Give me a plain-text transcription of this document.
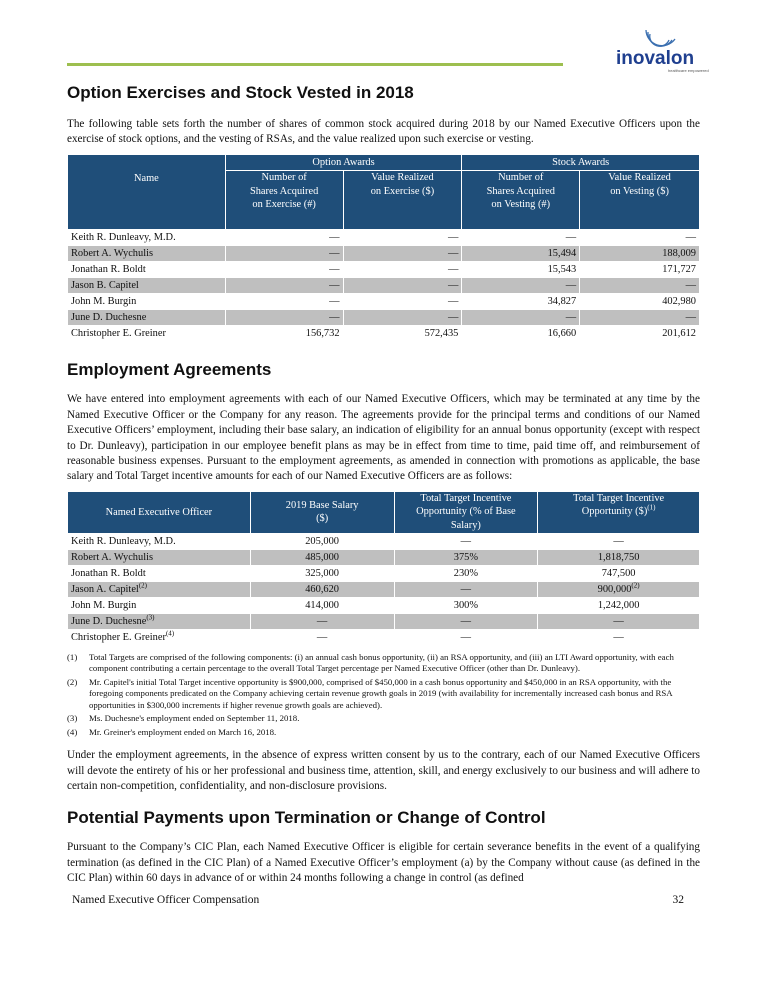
inovalon
healthcare empowered
Option Exercises and Stock Vested in 2018

The following table sets forth the number of shares of common stock acquired during 2018 by our Named Executive Officers upon the exercise of stock options, and the vesting of RSAs, and the value realized upon such exercise or vesting.

	Option Awards		Stock Awards	
Name	Number of Shares Acquired on Exercise (#)	Value Realized on Exercise ($)	Number of Shares Acquired on Vesting (#)	Value Realized on Vesting ($)
Keith R. Dunleavy, M.D.	—	—	—	—
Robert A. Wychulis	—	—	15,494	188,009
Jonathan R. Boldt	—	—	15,543	171,727
Jason B. Capitel	—	—	—	—
John M. Burgin	—	—	34,827	402,980
June D. Duchesne	—	—	—	—
Christopher E. Greiner	156,732	572,435	16,660	201,612
Employment Agreements

We have entered into employment agreements with each of our Named Executive Officers, which may be terminated at any time by the Named Executive Officer or the Company for any reason. The agreements provide for the principal terms and conditions of our Named Executive Officers’ employment, including their base salary, an indication of eligibility for an annual bonus opportunity (except with respect to Dr. Dunleavy), participation in our employee benefit plans as may be in effect from time to time, paid time off, and reimbursement of reasonable business expenses. Pursuant to the employment agreements, as amended in connection with promotions as applicable, the base salary and Total Target incentive amounts for each of our Named Executive Officers are as follows:

Named Executive Officer	2019 Base Salary ($)	Total Target Incentive Opportunity (% of Base Salary)	Total Target Incentive Opportunity ($)$^{(1)}$
Keith R. Dunleavy, M.D.	205,000	—	—
Robert A. Wychulis	485,000	375%	1,818,750
Jonathan R. Boldt	325,000	230%	747,500
Jason A. Capitel$^{(2)}$	460,620	—	900,000$^{(2)}$
John M. Burgin	414,000	300%	1,242,000
June D. Duchesne$^{(3)}$	—	—	—
Christopher E. Greiner$^{(4)}$	—	—	—
(1)	Total Targets are comprised of the following components: (i) an annual cash bonus opportunity, (ii) an RSA opportunity, and (iii) an LTI Award opportunity, with each component contributing a certain percentage to the overall Total Target percentage per Named Executive Officer (other than Dr. Dunleavy).
(2)	Mr. Capitel's initial Total Target incentive opportunity is $900,000, comprised of $450,000 in a cash bonus opportunity and $450,000 in an RSA opportunity, with the foregoing components predicated on the Company achieving certain revenue growth goals in 2019 (with availability for incrementally increased cash bonus and RSA opportunities in $300,000 increments if higher revenue growth goals are achieved).
(3)	Ms. Duchesne's employment ended on September 11, 2018.
(4)	Mr. Greiner's employment ended on March 16, 2018.

Under the employment agreements, in the absence of express written consent by us to the contrary, each of our Named Executive Officers will devote the entirety of his or her professional and business time, attention, skill, and energy exclusively to our business and will adhere to certain non‑competition, confidentiality, and non‑disclosure provisions.

Potential Payments upon Termination or Change of Control

Pursuant to the Company’s CIC Plan, each Named Executive Officer is eligible for certain severance benefits in the event of a qualifying termination (as defined in the CIC Plan) of a Named Executive Officer’s employment (a) by the Company without cause (as defined in the CIC Plan) within 60 days in advance of or within 24 months following a change in control (as defined

Named Executive Officer Compensation	32
